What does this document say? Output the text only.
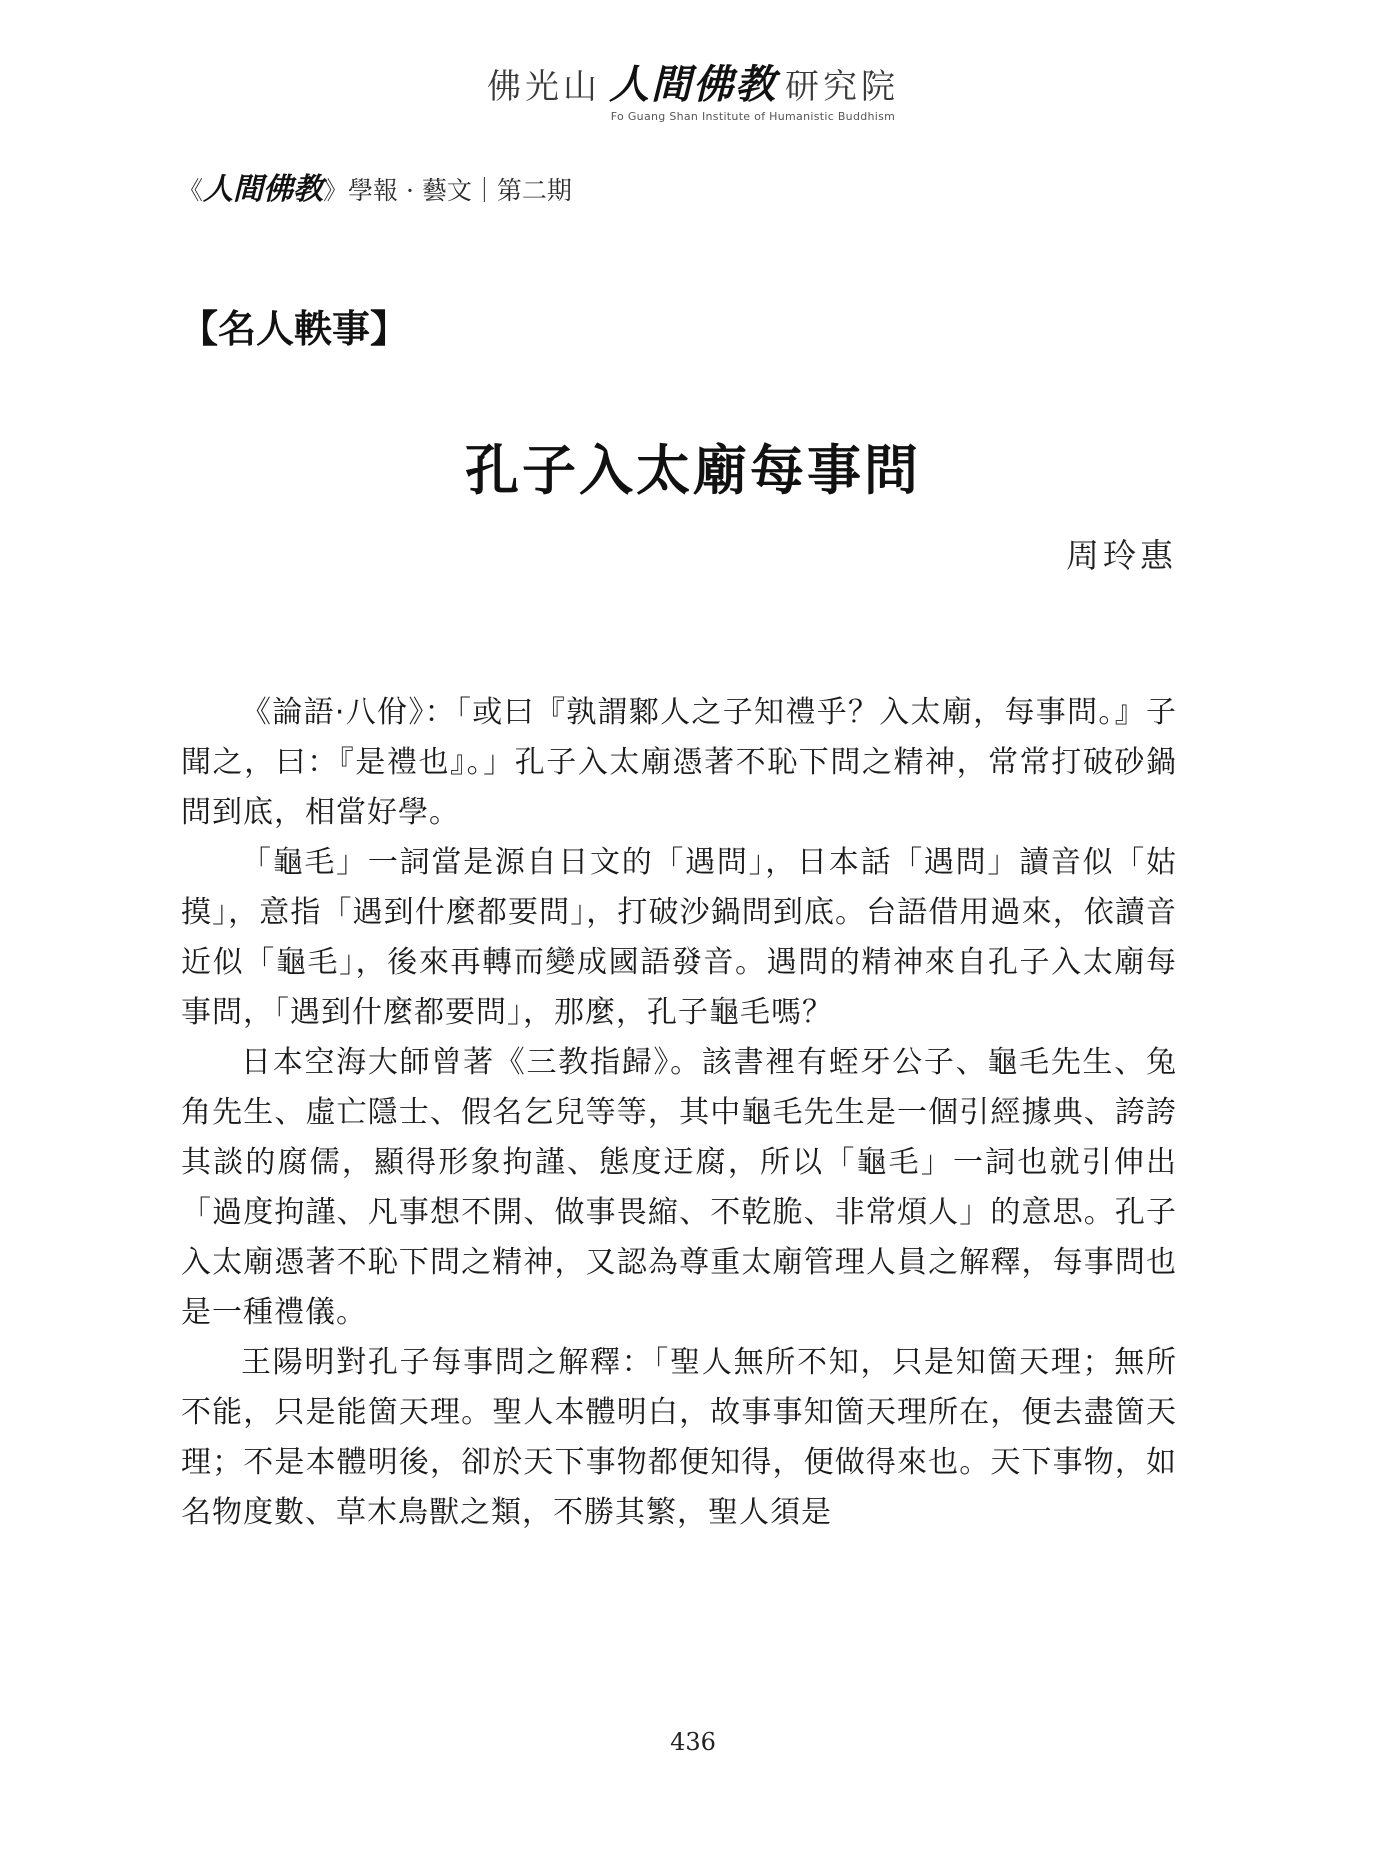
佛光山 人間佛教 研究院
Fo Guang Shan Institute of Humanistic Buddhism
《人間佛教》學報 · 藝文｜第二期
【名人軼事】
孔子入太廟每事問
周玲惠

《論語·八佾》：「或曰『孰謂鄹人之子知禮乎？入太廟，每事問。』子聞之，曰：『是禮也』。」孔子入太廟憑著不恥下問之精神，常常打破砂鍋問到底，相當好學。

「龜毛」一詞當是源自日文的「遇問」，日本話「遇問」讀音似「姑摸」，意指「遇到什麼都要問」，打破沙鍋問到底。台語借用過來，依讀音近似「龜毛」，後來再轉而變成國語發音。遇問的精神來自孔子入太廟每事問，「遇到什麼都要問」，那麼，孔子龜毛嗎？

日本空海大師曾著《三教指歸》。該書裡有蛭牙公子、龜毛先生、兔角先生、虛亡隱士、假名乞兒等等，其中龜毛先生是一個引經據典、誇誇其談的腐儒，顯得形象拘謹、態度迂腐，所以「龜毛」一詞也就引伸出「過度拘謹、凡事想不開、做事畏縮、不乾脆、非常煩人」的意思。孔子入太廟憑著不恥下問之精神，又認為尊重太廟管理人員之解釋，每事問也是一種禮儀。

王陽明對孔子每事問之解釋：「聖人無所不知，只是知箇天理；無所不能，只是能箇天理。聖人本體明白，故事事知箇天理所在，便去盡箇天理；不是本體明後，卻於天下事物都便知得，便做得來也。天下事物，如名物度數、草木鳥獸之類，不勝其繁，聖人須是

436
